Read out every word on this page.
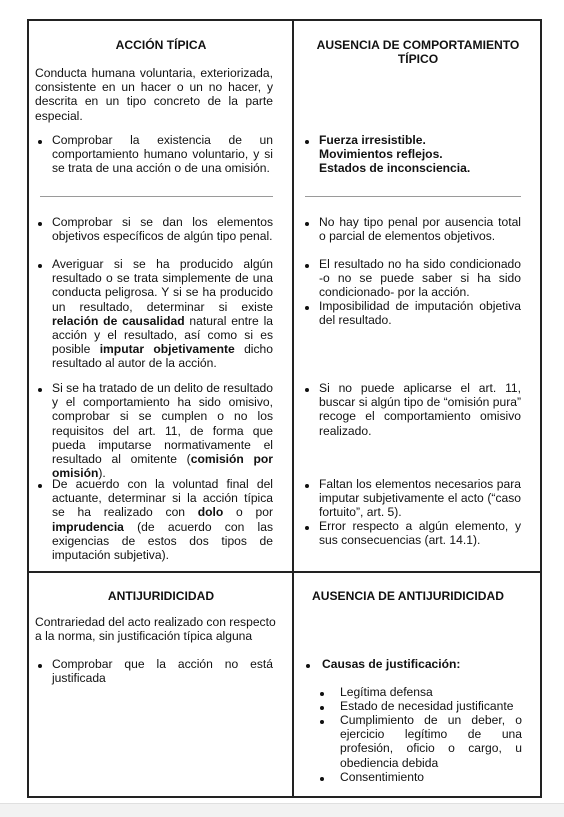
ACCIÓN TÍPICA

Conducta humana voluntaria, exteriorizada, consistente en un hacer o un no hacer, y descrita en un tipo concreto de la parte especial.

Comprobar la existencia de un comportamiento humano voluntario, y si se trata de una acción o de una omisión.

Comprobar si se dan los elementos objetivos específicos de algún tipo penal.

Averiguar si se ha producido algún resultado o se trata simplemente de una conducta peligrosa. Y si se ha producido un resultado, determinar si existe relación de causalidad natural entre la acción y el resultado, así como si es posible imputar objetivamente dicho resultado al autor de la acción.

Si se ha tratado de un delito de resultado y el comportamiento ha sido omisivo, comprobar si se cumplen o no los requisitos del art. 11, de forma que pueda imputarse normativamente el resultado al omitente (comisión por omisión).

De acuerdo con la voluntad final del actuante, determinar si la acción típica se ha realizado con dolo o por imprudencia (de acuerdo con las exigencias de estos dos tipos de imputación subjetiva).

AUSENCIA DE COMPORTAMIENTO TÍPICO

Fuerza irresistible.
Movimientos reflejos.
Estados de inconsciencia.

No hay tipo penal por ausencia total o parcial de elementos objetivos.

El resultado no ha sido condicionado -o no se puede saber si ha sido condicionado- por la acción.

Imposibilidad de imputación objetiva del resultado.

Si no puede aplicarse el art. 11, buscar si algún tipo de “omisión pura” recoge el comportamiento omisivo realizado.

Faltan los elementos necesarios para imputar subjetivamente el acto (“caso fortuito”, art. 5).

Error respecto a algún elemento, y sus consecuencias (art. 14.1).

ANTIJURIDICIDAD

Contrariedad del acto realizado con respecto a la norma, sin justificación típica alguna

Comprobar que la acción no está justificada

AUSENCIA DE ANTIJURIDICIDAD

Causas de justificación:

Legítima defensa

Estado de necesidad justificante

Cumplimiento de un deber, o ejercicio legítimo de una profesión, oficio o cargo, u obediencia debida

Consentimiento
